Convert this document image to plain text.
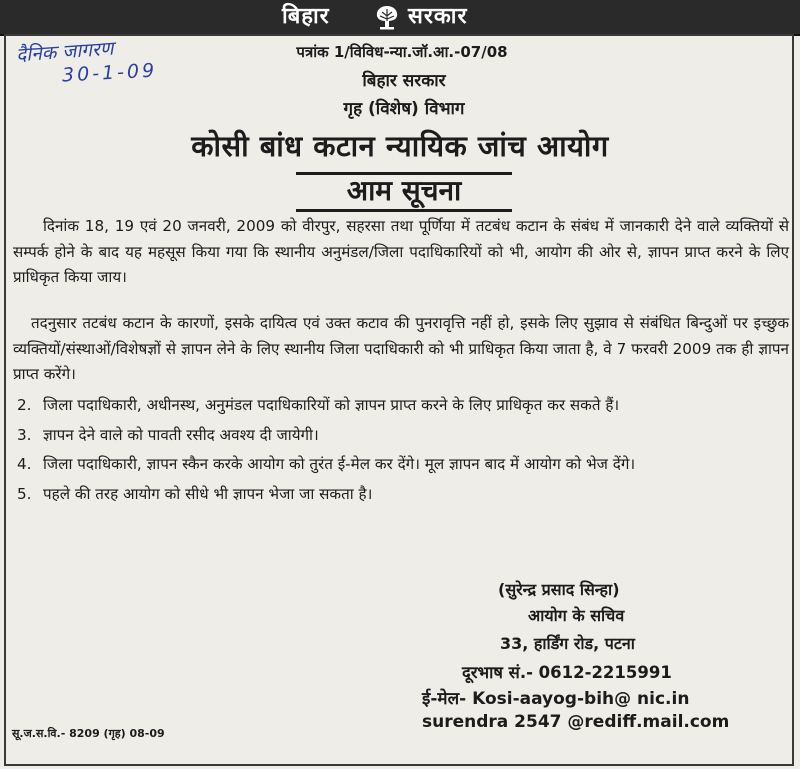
बिहार	सरकार
दैनिक जागरण
30-1-09
पत्रांक 1/विविध-न्या.जॉ.आ.-07/08
बिहार सरकार
गृह (विशेष) विभाग
कोसी बांध कटान न्यायिक जांच आयोग
आम सूचना
दिनांक 18, 19 एवं 20 जनवरी, 2009 को वीरपुर, सहरसा तथा पूर्णिया में तटबंध कटान के संबंध में जानकारी देने वाले व्यक्तियों से सम्पर्क होने के बाद यह महसूस किया गया कि स्थानीय अनुमंडल/जिला पदाधिकारियों को भी, आयोग की ओर से, ज्ञापन प्राप्त करने के लिए प्राधिकृत किया जाय।
तदनुसार तटबंध कटान के कारणों, इसके दायित्व एवं उक्त कटाव की पुनरावृत्ति नहीं हो, इसके लिए सुझाव से संबंधित बिन्दुओं पर इच्छुक व्यक्तियों/संस्थाओं/विशेषज्ञों से ज्ञापन लेने के लिए स्थानीय जिला पदाधिकारी को भी प्राधिकृत किया जाता है, वे 7 फरवरी 2009 तक ही ज्ञापन प्राप्त करेंगे।
2. जिला पदाधिकारी, अधीनस्थ, अनुमंडल पदाधिकारियों को ज्ञापन प्राप्त करने के लिए प्राधिकृत कर सकते हैं।
3. ज्ञापन देने वाले को पावती रसीद अवश्य दी जायेगी।
4. जिला पदाधिकारी, ज्ञापन स्कैन करके आयोग को तुरंत ई-मेल कर देंगे। मूल ज्ञापन बाद में आयोग को भेज देंगे।
5. पहले की तरह आयोग को सीधे भी ज्ञापन भेजा जा सकता है।
(सुरेन्द्र प्रसाद सिन्हा)
आयोग के सचिव
33, हार्डिंग रोड, पटना
दूरभाष सं.- 0612-2215991
ई-मेल- Kosi-aayog-bih@ nic.in
surendra 2547 @rediff.mail.com
सू.ज.स.वि.- 8209 (गृह) 08-09
